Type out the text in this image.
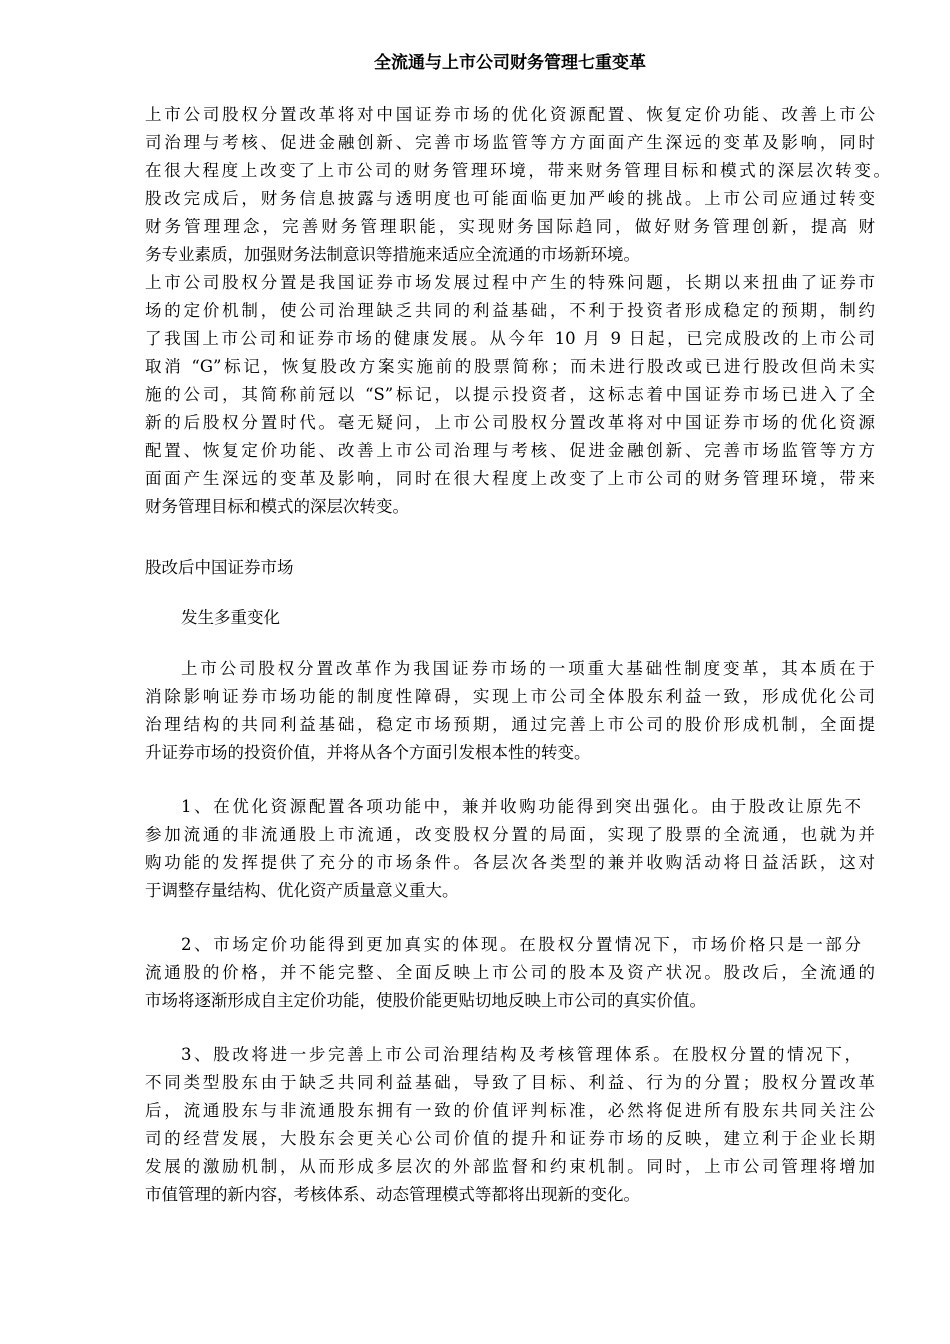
全流通与上市公司财务管理七重变革
上市公司股权分置改革将对中国证券市场的优化资源配置、恢复定价功能、改善上市公
司治理与考核、促进金融创新、完善市场监管等方方面面产生深远的变革及影响，同时
在很大程度上改变了上市公司的财务管理环境，带来财务管理目标和模式的深层次转变。
股改完成后，财务信息披露与透明度也可能面临更加严峻的挑战。上市公司应通过转变
财务管理理念，完善财务管理职能，实现财务国际趋同，做好财务管理创新，提高 财
务专业素质，加强财务法制意识等措施来适应全流通的市场新环境。
上市公司股权分置是我国证券市场发展过程中产生的特殊问题，长期以来扭曲了证券市
场的定价机制，使公司治理缺乏共同的利益基础，不利于投资者形成稳定的预期，制约
了我国上市公司和证券市场的健康发展。从今年 10 月 9 日起，已完成股改的上市公司
取消 “G”标记，恢复股改方案实施前的股票简称；而未进行股改或已进行股改但尚未实
施的公司，其简称前冠以 “S”标记，以提示投资者，这标志着中国证券市场已进入了全
新的后股权分置时代。毫无疑问，上市公司股权分置改革将对中国证券市场的优化资源
配置、恢复定价功能、改善上市公司治理与考核、促进金融创新、完善市场监管等方方
面面产生深远的变革及影响，同时在很大程度上改变了上市公司的财务管理环境，带来
财务管理目标和模式的深层次转变。
股改后中国证券市场
发生多重变化
上市公司股权分置改革作为我国证券市场的一项重大基础性制度变革，其本质在于
消除影响证券市场功能的制度性障碍，实现上市公司全体股东利益一致，形成优化公司
治理结构的共同利益基础，稳定市场预期，通过完善上市公司的股价形成机制，全面提
升证券市场的投资价值，并将从各个方面引发根本性的转变。
1、在优化资源配置各项功能中，兼并收购功能得到突出强化。由于股改让原先不
参加流通的非流通股上市流通，改变股权分置的局面，实现了股票的全流通，也就为并
购功能的发挥提供了充分的市场条件。各层次各类型的兼并收购活动将日益活跃，这对
于调整存量结构、优化资产质量意义重大。
2、市场定价功能得到更加真实的体现。在股权分置情况下，市场价格只是一部分
流通股的价格，并不能完整、全面反映上市公司的股本及资产状况。股改后，全流通的
市场将逐渐形成自主定价功能，使股价能更贴切地反映上市公司的真实价值。
3、股改将进一步完善上市公司治理结构及考核管理体系。在股权分置的情况下，
不同类型股东由于缺乏共同利益基础，导致了目标、利益、行为的分置；股权分置改革
后，流通股东与非流通股东拥有一致的价值评判标准，必然将促进所有股东共同关注公
司的经营发展，大股东会更关心公司价值的提升和证券市场的反映，建立利于企业长期
发展的激励机制，从而形成多层次的外部监督和约束机制。同时，上市公司管理将增加
市值管理的新内容，考核体系、动态管理模式等都将出现新的变化。
